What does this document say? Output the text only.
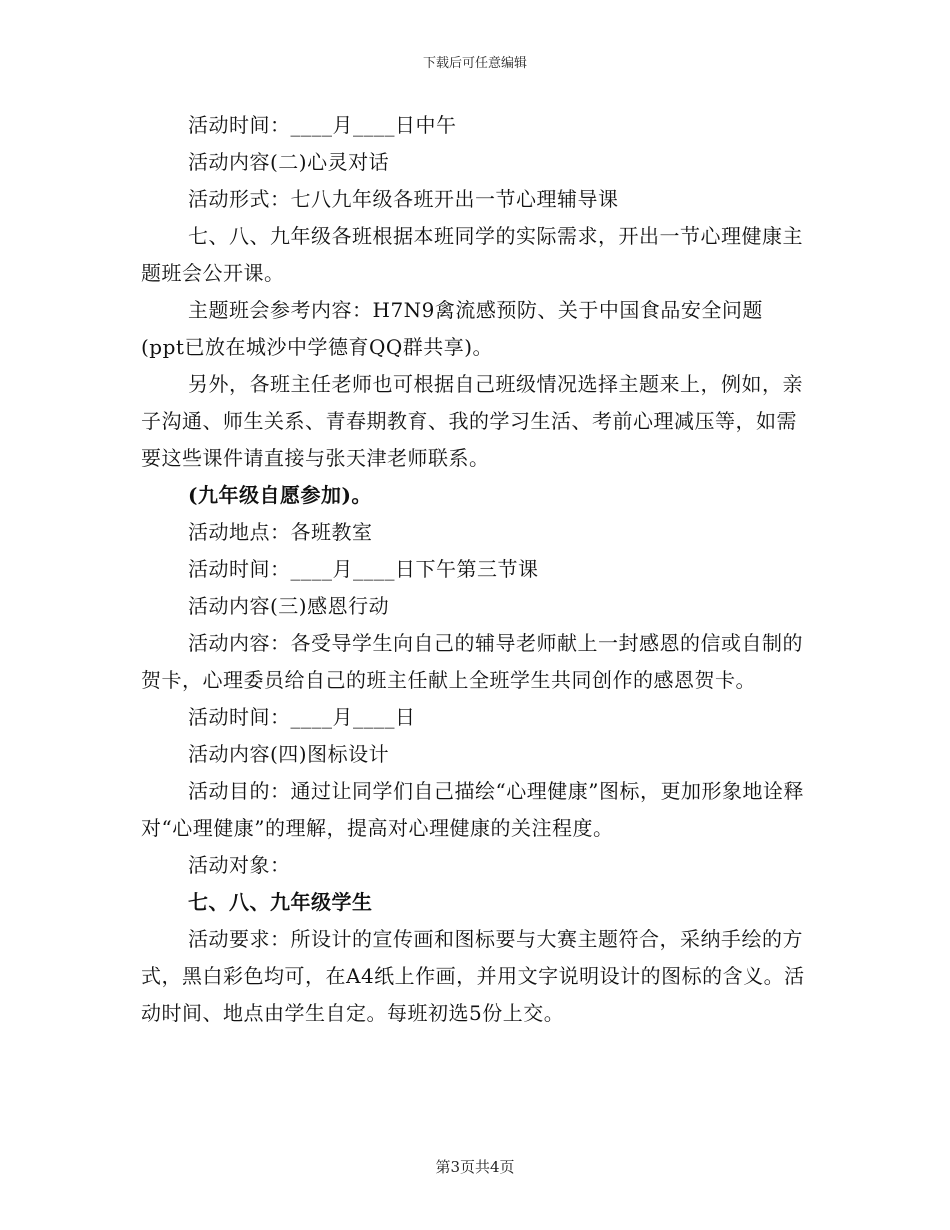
下载后可任意编辑

活动时间：____月____日中午

活动内容(二)心灵对话

活动形式：七八九年级各班开出一节心理辅导课

七、八、九年级各班根据本班同学的实际需求，开出一节心理健康主题班会公开课。

主题班会参考内容：H7N9禽流感预防、关于中国食品安全问题(ppt已放在城沙中学德育QQ群共享)。

另外，各班主任老师也可根据自己班级情况选择主题来上，例如，亲子沟通、师生关系、青春期教育、我的学习生活、考前心理减压等，如需要这些课件请直接与张天津老师联系。

(九年级自愿参加)。

活动地点：各班教室

活动时间：____月____日下午第三节课

活动内容(三)感恩行动

活动内容：各受导学生向自己的辅导老师献上一封感恩的信或自制的贺卡，心理委员给自己的班主任献上全班学生共同创作的感恩贺卡。

活动时间：____月____日

活动内容(四)图标设计

活动目的：通过让同学们自己描绘“心理健康”图标，更加形象地诠释对“心理健康”的理解，提高对心理健康的关注程度。

活动对象：

七、八、九年级学生

活动要求：所设计的宣传画和图标要与大赛主题符合，采纳手绘的方式，黑白彩色均可，在A4纸上作画，并用文字说明设计的图标的含义。活动时间、地点由学生自定。每班初选5份上交。

第3页共4页
